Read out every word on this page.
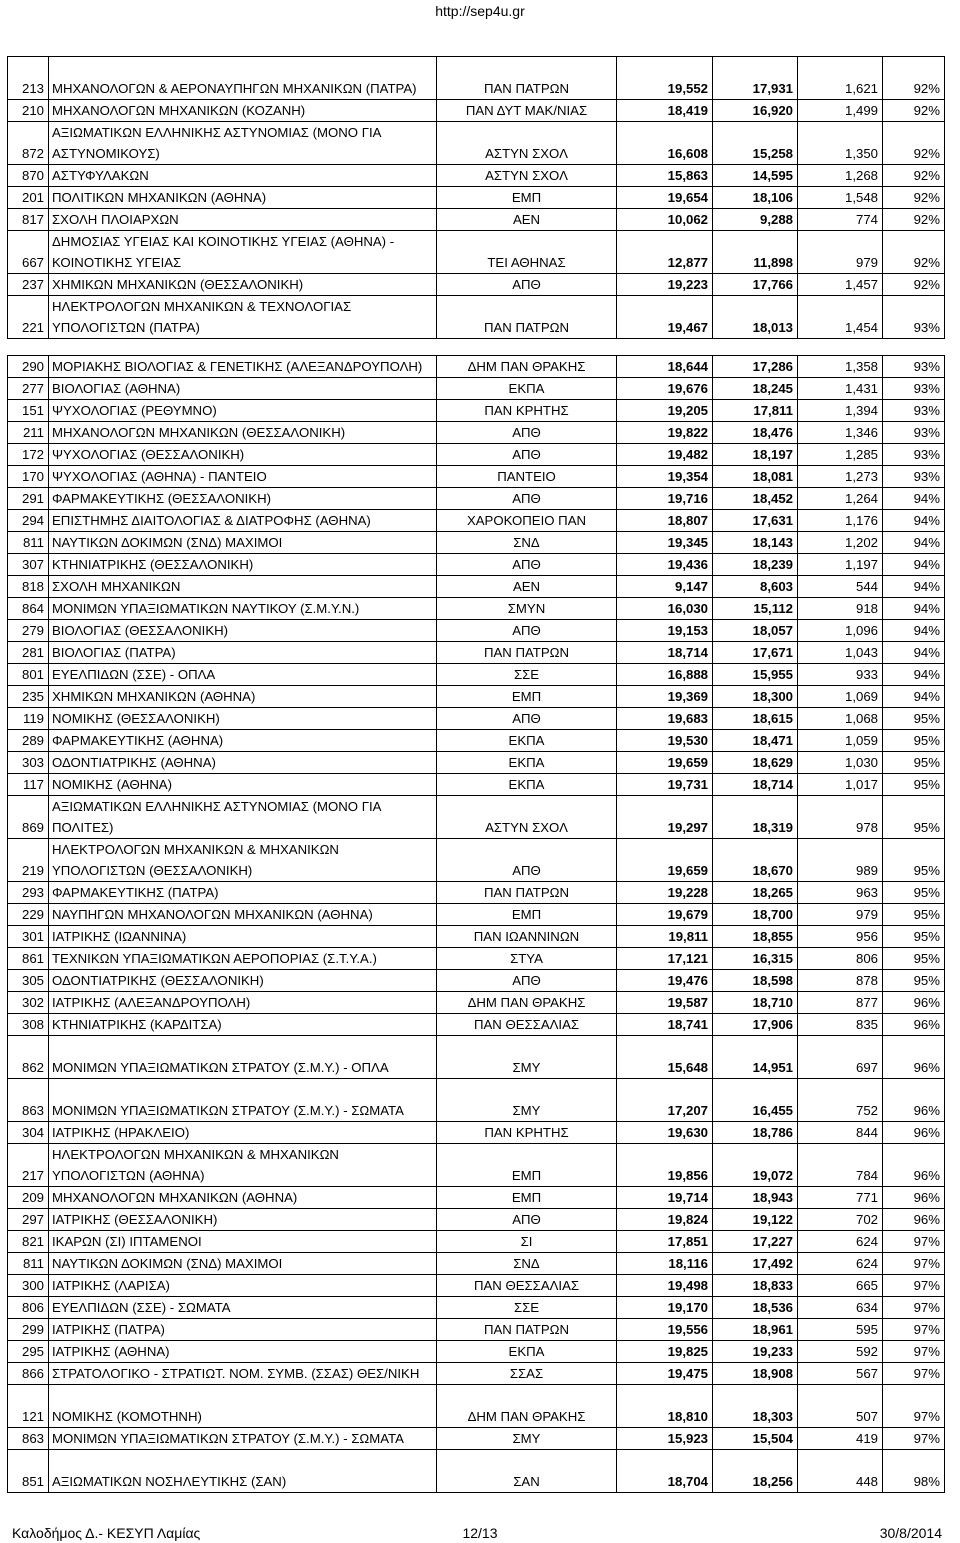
http://sep4u.gr
213	ΜΗΧΑΝΟΛΟΓΩΝ & ΑΕΡΟΝΑΥΠΗΓΩΝ ΜΗΧΑΝΙΚΩΝ (ΠΑΤΡΑ)	ΠΑΝ ΠΑΤΡΩΝ	19,552	17,931	1,621	92%
210	ΜΗΧΑΝΟΛΟΓΩΝ ΜΗΧΑΝΙΚΩΝ (ΚΟΖΑΝΗ)	ΠΑΝ ΔΥΤ ΜΑΚ/ΝΙΑΣ	18,419	16,920	1,499	92%
872	ΑΞΙΩΜΑΤΙΚΩΝ ΕΛΛΗΝΙΚΗΣ ΑΣΤΥΝΟΜΙΑΣ (ΜΟΝΟ ΓΙΑ ΑΣΤΥΝΟΜΙΚΟΥΣ)	ΑΣΤΥΝ ΣΧΟΛ	16,608	15,258	1,350	92%
870	ΑΣΤΥΦΥΛΑΚΩΝ	ΑΣΤΥΝ ΣΧΟΛ	15,863	14,595	1,268	92%
201	ΠΟΛΙΤΙΚΩΝ ΜΗΧΑΝΙΚΩΝ (ΑΘΗΝΑ)	ΕΜΠ	19,654	18,106	1,548	92%
817	ΣΧΟΛΗ ΠΛΟΙΑΡΧΩΝ	ΑΕΝ	10,062	9,288	774	92%
667	ΔΗΜΟΣΙΑΣ ΥΓΕΙΑΣ ΚΑΙ ΚΟΙΝΟΤΙΚΗΣ ΥΓΕΙΑΣ (ΑΘΗΝΑ) - ΚΟΙΝΟΤΙΚΗΣ ΥΓΕΙΑΣ	ΤΕΙ ΑΘΗΝΑΣ	12,877	11,898	979	92%
237	ΧΗΜΙΚΩΝ ΜΗΧΑΝΙΚΩΝ (ΘΕΣΣΑΛΟΝΙΚΗ)	ΑΠΘ	19,223	17,766	1,457	92%
221	ΗΛΕΚΤΡΟΛΟΓΩΝ ΜΗΧΑΝΙΚΩΝ & ΤΕΧΝΟΛΟΓΙΑΣ ΥΠΟΛΟΓΙΣΤΩΝ (ΠΑΤΡΑ)	ΠΑΝ ΠΑΤΡΩΝ	19,467	18,013	1,454	93%

290	ΜΟΡΙΑΚΗΣ ΒΙΟΛΟΓΙΑΣ & ΓΕΝΕΤΙΚΗΣ (ΑΛΕΞΑΝΔΡΟΥΠΟΛΗ)	ΔΗΜ ΠΑΝ ΘΡΑΚΗΣ	18,644	17,286	1,358	93%
277	ΒΙΟΛΟΓΙΑΣ (ΑΘΗΝΑ)	ΕΚΠΑ	19,676	18,245	1,431	93%
151	ΨΥΧΟΛΟΓΙΑΣ (ΡΕΘΥΜΝΟ)	ΠΑΝ ΚΡΗΤΗΣ	19,205	17,811	1,394	93%
211	ΜΗΧΑΝΟΛΟΓΩΝ ΜΗΧΑΝΙΚΩΝ (ΘΕΣΣΑΛΟΝΙΚΗ)	ΑΠΘ	19,822	18,476	1,346	93%
172	ΨΥΧΟΛΟΓΙΑΣ (ΘΕΣΣΑΛΟΝΙΚΗ)	ΑΠΘ	19,482	18,197	1,285	93%
170	ΨΥΧΟΛΟΓΙΑΣ (ΑΘΗΝΑ) - ΠΑΝΤΕΙΟ	ΠΑΝΤΕΙΟ	19,354	18,081	1,273	93%
291	ΦΑΡΜΑΚΕΥΤΙΚΗΣ (ΘΕΣΣΑΛΟΝΙΚΗ)	ΑΠΘ	19,716	18,452	1,264	94%
294	ΕΠΙΣΤΗΜΗΣ ΔΙΑΙΤΟΛΟΓΙΑΣ & ΔΙΑΤΡΟΦΗΣ (ΑΘΗΝΑ)	ΧΑΡΟΚΟΠΕΙΟ ΠΑΝ	18,807	17,631	1,176	94%
811	ΝΑΥΤΙΚΩΝ ΔΟΚΙΜΩΝ (ΣΝΔ) ΜΑΧΙΜΟΙ	ΣΝΔ	19,345	18,143	1,202	94%
307	ΚΤΗΝΙΑΤΡΙΚΗΣ (ΘΕΣΣΑΛΟΝΙΚΗ)	ΑΠΘ	19,436	18,239	1,197	94%
818	ΣΧΟΛΗ ΜΗΧΑΝΙΚΩΝ	ΑΕΝ	9,147	8,603	544	94%
864	ΜΟΝΙΜΩΝ ΥΠΑΞΙΩΜΑΤΙΚΩΝ ΝΑΥΤΙΚΟΥ (Σ.Μ.Υ.Ν.)	ΣΜΥΝ	16,030	15,112	918	94%
279	ΒΙΟΛΟΓΙΑΣ (ΘΕΣΣΑΛΟΝΙΚΗ)	ΑΠΘ	19,153	18,057	1,096	94%
281	ΒΙΟΛΟΓΙΑΣ (ΠΑΤΡΑ)	ΠΑΝ ΠΑΤΡΩΝ	18,714	17,671	1,043	94%
801	ΕΥΕΛΠΙΔΩΝ (ΣΣΕ) - ΟΠΛΑ	ΣΣΕ	16,888	15,955	933	94%
235	ΧΗΜΙΚΩΝ ΜΗΧΑΝΙΚΩΝ (ΑΘΗΝΑ)	ΕΜΠ	19,369	18,300	1,069	94%
119	ΝΟΜΙΚΗΣ (ΘΕΣΣΑΛΟΝΙΚΗ)	ΑΠΘ	19,683	18,615	1,068	95%
289	ΦΑΡΜΑΚΕΥΤΙΚΗΣ (ΑΘΗΝΑ)	ΕΚΠΑ	19,530	18,471	1,059	95%
303	ΟΔΟΝΤΙΑΤΡΙΚΗΣ (ΑΘΗΝΑ)	ΕΚΠΑ	19,659	18,629	1,030	95%
117	ΝΟΜΙΚΗΣ (ΑΘΗΝΑ)	ΕΚΠΑ	19,731	18,714	1,017	95%
869	ΑΞΙΩΜΑΤΙΚΩΝ ΕΛΛΗΝΙΚΗΣ ΑΣΤΥΝΟΜΙΑΣ (ΜΟΝΟ ΓΙΑ ΠΟΛΙΤΕΣ)	ΑΣΤΥΝ ΣΧΟΛ	19,297	18,319	978	95%
219	ΗΛΕΚΤΡΟΛΟΓΩΝ ΜΗΧΑΝΙΚΩΝ & ΜΗΧΑΝΙΚΩΝ ΥΠΟΛΟΓΙΣΤΩΝ (ΘΕΣΣΑΛΟΝΙΚΗ)	ΑΠΘ	19,659	18,670	989	95%
293	ΦΑΡΜΑΚΕΥΤΙΚΗΣ (ΠΑΤΡΑ)	ΠΑΝ ΠΑΤΡΩΝ	19,228	18,265	963	95%
229	ΝΑΥΠΗΓΩΝ ΜΗΧΑΝΟΛΟΓΩΝ ΜΗΧΑΝΙΚΩΝ (ΑΘΗΝΑ)	ΕΜΠ	19,679	18,700	979	95%
301	ΙΑΤΡΙΚΗΣ (ΙΩΑΝΝΙΝΑ)	ΠΑΝ ΙΩΑΝΝΙΝΩΝ	19,811	18,855	956	95%
861	ΤΕΧΝΙΚΩΝ ΥΠΑΞΙΩΜΑΤΙΚΩΝ ΑΕΡΟΠΟΡΙΑΣ (Σ.Τ.Υ.Α.)	ΣΤΥΑ	17,121	16,315	806	95%
305	ΟΔΟΝΤΙΑΤΡΙΚΗΣ (ΘΕΣΣΑΛΟΝΙΚΗ)	ΑΠΘ	19,476	18,598	878	95%
302	ΙΑΤΡΙΚΗΣ (ΑΛΕΞΑΝΔΡΟΥΠΟΛΗ)	ΔΗΜ ΠΑΝ ΘΡΑΚΗΣ	19,587	18,710	877	96%
308	ΚΤΗΝΙΑΤΡΙΚΗΣ (ΚΑΡΔΙΤΣΑ)	ΠΑΝ ΘΕΣΣΑΛΙΑΣ	18,741	17,906	835	96%
862	ΜΟΝΙΜΩΝ ΥΠΑΞΙΩΜΑΤΙΚΩΝ ΣΤΡΑΤΟΥ (Σ.Μ.Υ.) - ΟΠΛΑ	ΣΜΥ	15,648	14,951	697	96%
863	ΜΟΝΙΜΩΝ ΥΠΑΞΙΩΜΑΤΙΚΩΝ ΣΤΡΑΤΟΥ (Σ.Μ.Υ.) - ΣΩΜΑΤΑ	ΣΜΥ	17,207	16,455	752	96%
304	ΙΑΤΡΙΚΗΣ (ΗΡΑΚΛΕΙΟ)	ΠΑΝ ΚΡΗΤΗΣ	19,630	18,786	844	96%
217	ΗΛΕΚΤΡΟΛΟΓΩΝ ΜΗΧΑΝΙΚΩΝ & ΜΗΧΑΝΙΚΩΝ ΥΠΟΛΟΓΙΣΤΩΝ (ΑΘΗΝΑ)	ΕΜΠ	19,856	19,072	784	96%
209	ΜΗΧΑΝΟΛΟΓΩΝ ΜΗΧΑΝΙΚΩΝ (ΑΘΗΝΑ)	ΕΜΠ	19,714	18,943	771	96%
297	ΙΑΤΡΙΚΗΣ (ΘΕΣΣΑΛΟΝΙΚΗ)	ΑΠΘ	19,824	19,122	702	96%
821	ΙΚΑΡΩΝ (ΣΙ) ΙΠΤΑΜΕΝΟΙ	ΣΙ	17,851	17,227	624	97%
811	ΝΑΥΤΙΚΩΝ ΔΟΚΙΜΩΝ (ΣΝΔ) ΜΑΧΙΜΟΙ	ΣΝΔ	18,116	17,492	624	97%
300	ΙΑΤΡΙΚΗΣ (ΛΑΡΙΣΑ)	ΠΑΝ ΘΕΣΣΑΛΙΑΣ	19,498	18,833	665	97%
806	ΕΥΕΛΠΙΔΩΝ (ΣΣΕ) - ΣΩΜΑΤΑ	ΣΣΕ	19,170	18,536	634	97%
299	ΙΑΤΡΙΚΗΣ (ΠΑΤΡΑ)	ΠΑΝ ΠΑΤΡΩΝ	19,556	18,961	595	97%
295	ΙΑΤΡΙΚΗΣ (ΑΘΗΝΑ)	ΕΚΠΑ	19,825	19,233	592	97%
866	ΣΤΡΑΤΟΛΟΓΙΚΟ - ΣΤΡΑΤΙΩΤ. ΝΟΜ. ΣΥΜΒ. (ΣΣΑΣ) ΘΕΣ/ΝΙΚΗ	ΣΣΑΣ	19,475	18,908	567	97%
121	ΝΟΜΙΚΗΣ (ΚΟΜΟΤΗΝΗ)	ΔΗΜ ΠΑΝ ΘΡΑΚΗΣ	18,810	18,303	507	97%
863	ΜΟΝΙΜΩΝ ΥΠΑΞΙΩΜΑΤΙΚΩΝ ΣΤΡΑΤΟΥ (Σ.Μ.Υ.) - ΣΩΜΑΤΑ	ΣΜΥ	15,923	15,504	419	97%
851	ΑΞΙΩΜΑΤΙΚΩΝ ΝΟΣΗΛΕΥΤΙΚΗΣ (ΣΑΝ)	ΣΑΝ	18,704	18,256	448	98%
Καλοδήμος Δ.- ΚΕΣΥΠ Λαμίας	12/13	30/8/2014
